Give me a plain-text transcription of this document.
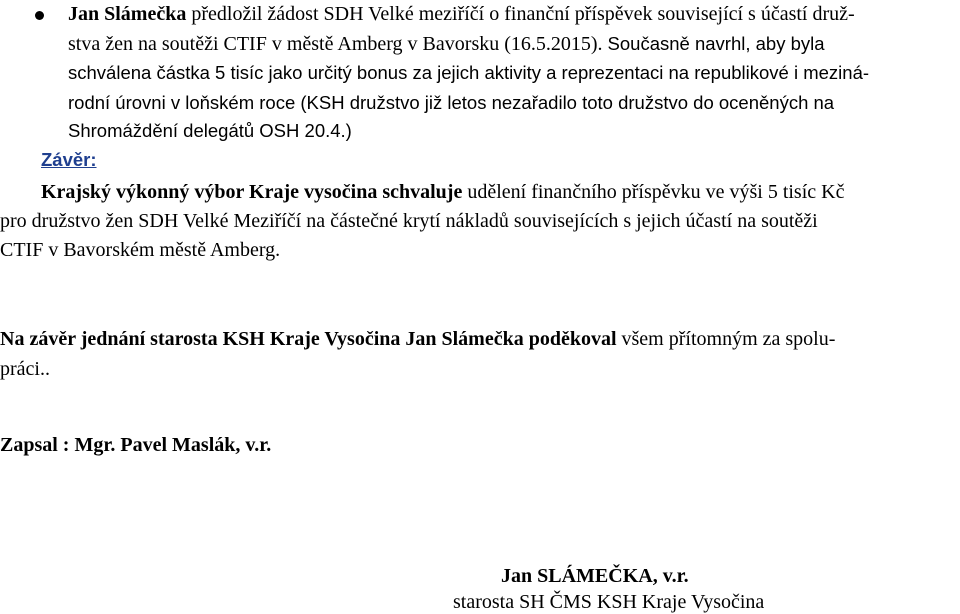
Jan Slámečka předložil žádost SDH Velké meziříčí o finanční příspěvek související s účastí druž-
stva žen na soutěži CTIF v městě Amberg v Bavorsku (16.5.2015). Současně navrhl, aby byla
schválena částka 5 tisíc jako určitý bonus za jejich aktivity a reprezentaci na republikové i meziná-
rodní úrovni v loňském roce (KSH družstvo již letos nezařadilo toto družstvo do oceněných na
Shromáždění delegátů OSH 20.4.)
Závěr:
Krajský výkonný výbor Kraje vysočina schvaluje udělení finančního příspěvku ve výši 5 tisíc Kč
pro družstvo žen SDH Velké Meziříčí na částečné krytí nákladů souvisejících s jejich účastí na soutěži
CTIF v Bavorském městě Amberg.
Na závěr jednání starosta KSH Kraje Vysočina Jan Slámečka poděkoval všem přítomným za spolu-
práci..
Zapsal : Mgr. Pavel Maslák, v.r.
Jan SLÁMEČKA, v.r.
starosta SH ČMS KSH Kraje Vysočina
